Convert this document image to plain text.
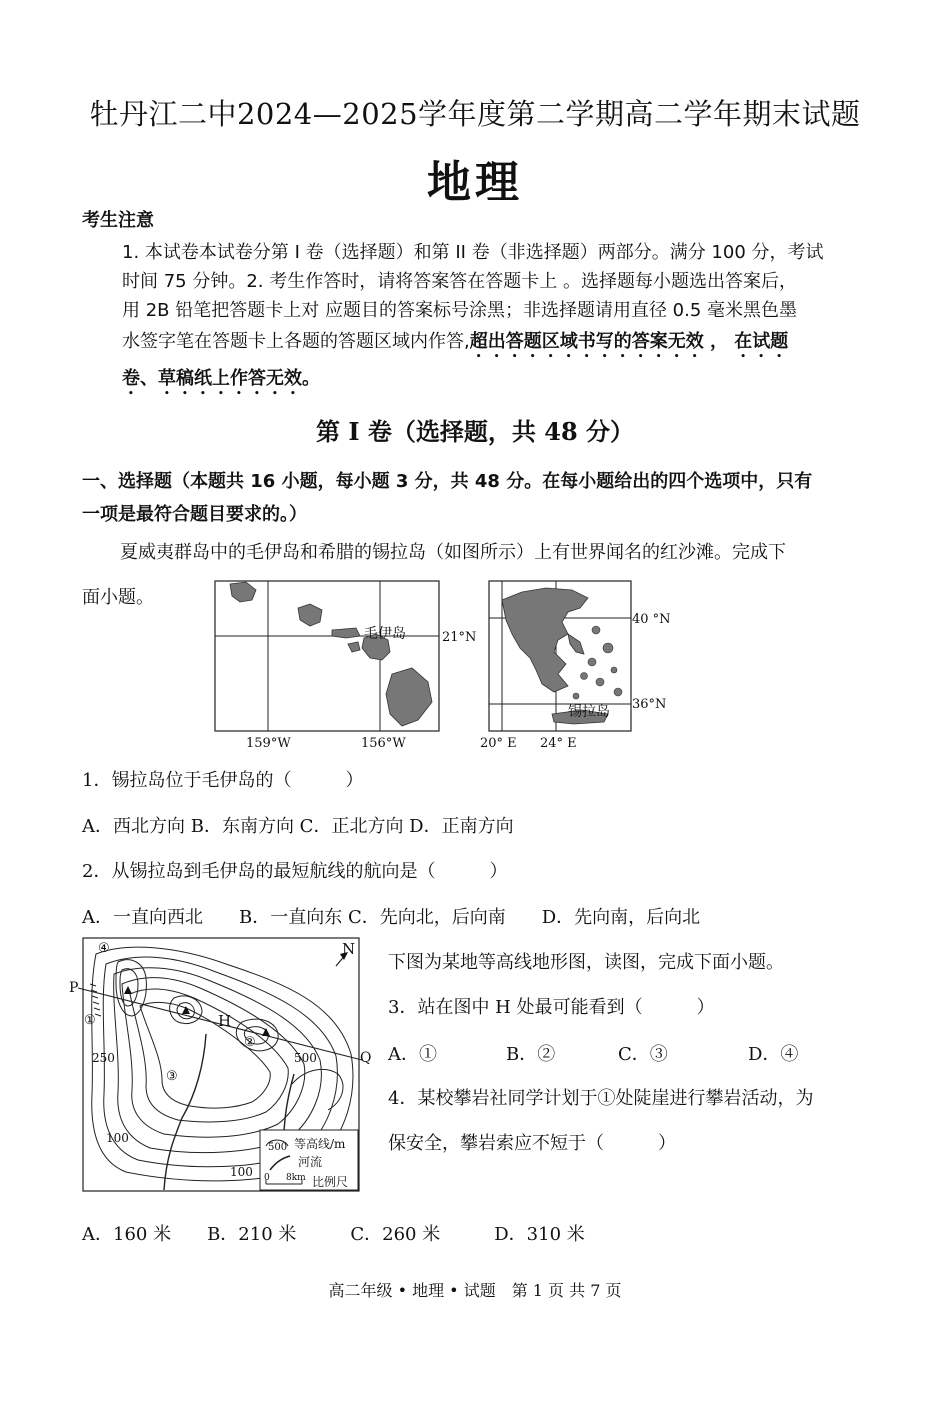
牡丹江二中2024—2025学年度第二学期高二学年期末试题
地理
考生注意
1. 本试卷本试卷分第 I 卷（选择题）和第 II 卷（非选择题）两部分。满分 100 分，考试
时间 75 分钟。2. 考生作答时，请将答案答在答题卡上 。选择题每小题选出答案后，
用 2B 铅笔把答题卡上对 应题目的答案标号涂黑；非选择题请用直径 0.5 毫米黑色墨
水签字笔在答题卡上各题的答题区域内作答,超出答题区域书写的答案无效 ， 在试题
卷、草稿纸上作答无效。
第 I 卷（选择题，共 48 分）
一、选择题（本题共 16 小题，每小题 3 分，共 48 分。在每小题给出的四个选项中，只有
一项是最符合题目要求的。）
夏威夷群岛中的毛伊岛和希腊的锡拉岛（如图所示）上有世界闻名的红沙滩。完成下
面小题。
毛伊岛	21°N
159°W	156°W
40 °N
36°N
锡拉岛
20° E 24° E
1．锡拉岛位于毛伊岛的（　　　）
A．西北方向 B．东南方向 C．正北方向 D．正南方向
2．从锡拉岛到毛伊岛的最短航线的航向是（　　　）
A．一直向西北　　B．一直向东 C．先向北，后向南　　D．先向南，后向北
N
P
Q
H
④
①
②
③
250	500
100
100
500 等高线/m
河流
0 8km 比例尺
下图为某地等高线地形图，读图，完成下面小题。
3．站在图中 H 处最可能看到（　　　）
A．①	B．②	C．③	D．④
4．某校攀岩社同学计划于①处陡崖进行攀岩活动，为
保安全，攀岩索应不短于（　　　）
A．160 米　　B．210 米　　　C．260 米　　　D．310 米
高二年级 • 地理 • 试题　第 1 页 共 7 页
